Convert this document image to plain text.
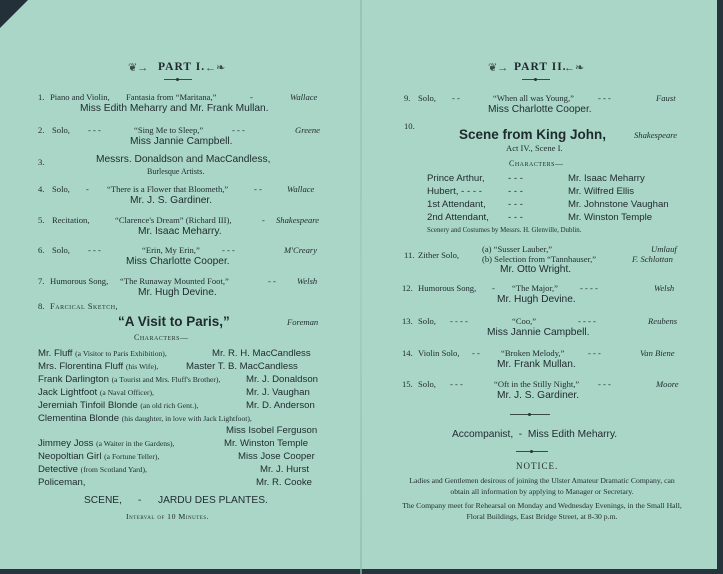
❦→ PART I. ←❧
1. Piano and Violin, Fantasia from “Maritana,”	-	Wallace
Miss Edith Meharry and Mr. Frank Mullan.
2. Solo, - - -	“Sing Me to Sleep,”	- - -	Greene
Miss Jannie Campbell.
3.	Messrs. Donaldson and MacCandless,
Burlesque Artists.
4. Solo, - “There is a Flower that Bloometh,”	- -	Wallace
Mr. J. S. Gardiner.
5. Recitation,	“Clarence's Dream” (Richard III),	- Shakespeare
Mr. Isaac Meharry.
6. Solo, - - -	“Erin, My Erin,”	- - -	M'Creary
Miss Charlotte Cooper.
7. Humorous Song, “The Runaway Mounted Foot,”	- - Welsh
Mr. Hugh Devine.
8. Farcical Sketch,
“A Visit to Paris,”	Foreman
Characters—
Mr. Fluff (a Visitor to Paris Exhibition),	Mr. R. H. MacCandless
Mrs. Florentina Fluff (his Wife),	Master T. B. MacCandless
Frank Darlington (a Tourist and Mrs. Fluff's Brother),	Mr. J. Donaldson
Jack Lightfoot (a Naval Officer),	Mr. J. Vaughan
Jeremiah Tinfoil Blonde (an old rich Gent.),	Mr. D. Anderson
Clementina Blonde (his daughter, in love with Jack Lightfoot),
Miss Isobel Ferguson
Jimmey Joss (a Waiter in the Gardens),	Mr. Winston Temple
Neopoltian Girl (a Fortune Teller),	Miss Jose Cooper
Detective (from Scotland Yard),	Mr. J. Hurst
Policeman,	Mr. R. Cooke
SCENE, - JARDU DES PLANTES.
Interval of 10 Minutes.
❦→ PART II.
←❧
9. Solo, - -	“When all was Young,”	- - -	Faust
Miss Charlotte Cooper.
10.
Scene from King John,	Shakespeare
Act IV., Scene I.
Characters—
Prince Arthur, - - -	Mr. Isaac Meharry
Hubert, - - - -	- - -	Mr. Wilfred Ellis
1st Attendant, - - -	Mr. Johnstone Vaughan
2nd Attendant, - - -	Mr. Winston Temple
Scenery and Costumes by Messrs. H. Glenville, Dublin.
11. Zither Solo,
(a) “Susser Lauber,”	Umlauf
(b) Selection from “Tannhauser,”	F. Schlottan
Mr. Otto Wright.
12. Humorous Song, - “The Major,”	- - - -	Welsh
Mr. Hugh Devine.
13. Solo, - - - -	“Coo,”	- - - -	Reubens
Miss Jannie Campbell.
14. Violin Solo, - - “Broken Melody,”	- - -	Van Biene
Mr. Frank Mullan.
15. Solo, - - -	“Oft in the Stilly Night,” - - -	Moore
Mr. J. S. Gardiner.
Accompanist,  -  Miss Edith Meharry.
NOTICE.
Ladies and Gentlemen desirous of joining the Ulster Amateur Dramatic Company, can obtain all information by applying to Manager or Secretary.
The Company meet for Rehearsal on Monday and Wednesday Evenings, in the Small Hall, Floral Buildings, East Bridge Street, at 8-30 p.m.
